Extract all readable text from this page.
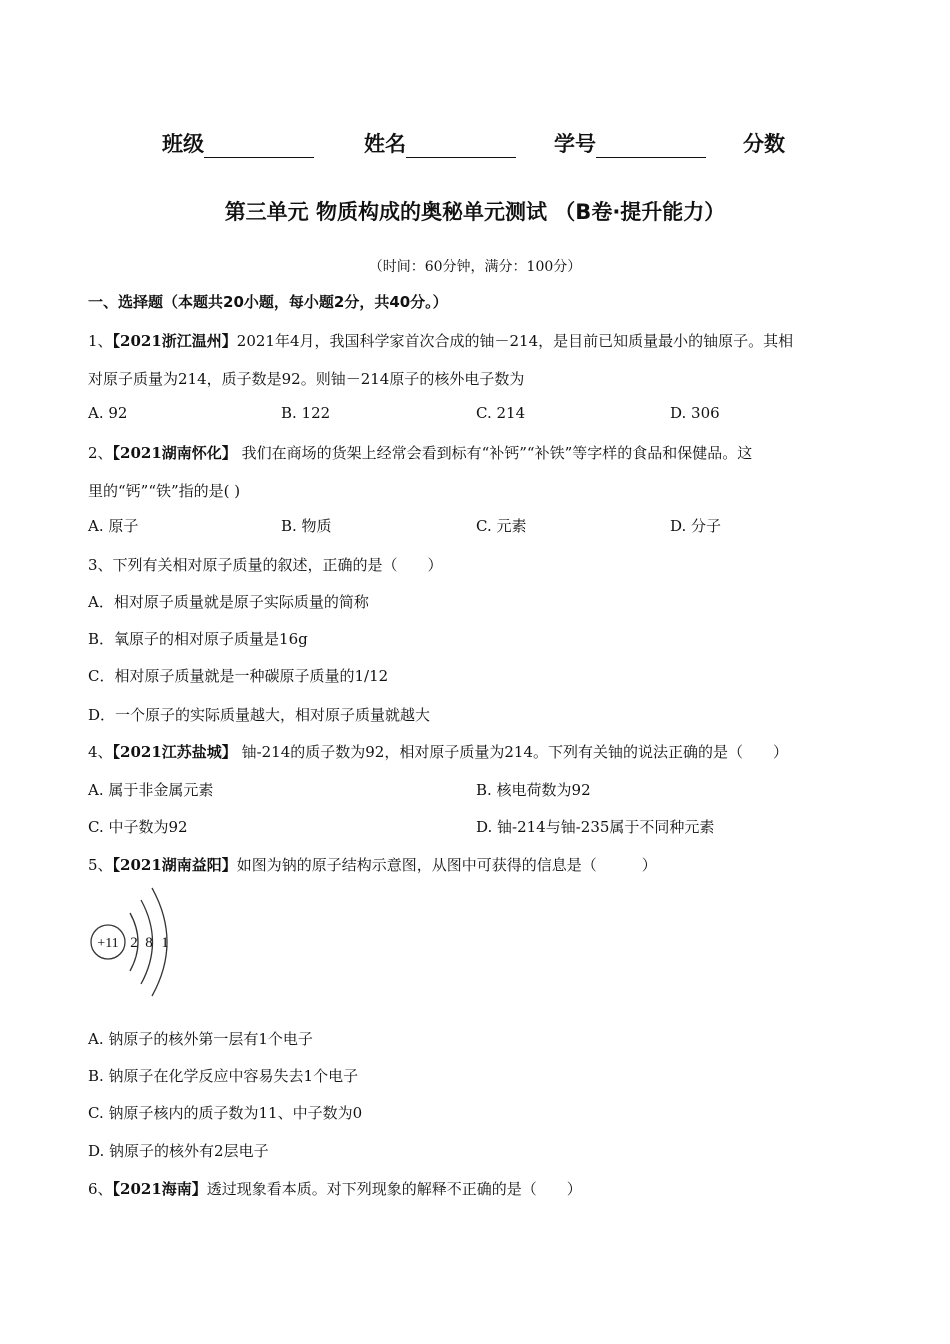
班级	姓名	学号	分数
第三单元 物质构成的奥秘单元测试 （B卷·提升能力）
（时间：60分钟，满分：100分）
一、选择题（本题共20小题，每小题2分，共40分。）
1、【2021浙江温州】2021年4月，我国科学家首次合成的铀－214，是目前已知质量最小的铀原子。其相
对原子质量为214，质子数是92。则铀－214原子的核外电子数为
A. 92	B. 122	C. 214	D. 306
2、【2021湖南怀化】 我们在商场的货架上经常会看到标有“补钙”“补铁”等字样的食品和保健品。这
里的“钙”“铁”指的是( )
A. 原子	B. 物质	C. 元素	D. 分子
3、下列有关相对原子质量的叙述，正确的是（　　）
A．相对原子质量就是原子实际质量的简称
B．氧原子的相对原子质量是16g
C．相对原子质量就是一种碳原子质量的1/12
D．一个原子的实际质量越大，相对原子质量就越大
4、【2021江苏盐城】 铀-214的质子数为92，相对原子质量为214。下列有关铀的说法正确的是（　　）
A. 属于非金属元素	B. 核电荷数为92
C. 中子数为92	D. 铀-214与铀-235属于不同种元素
5、【2021湖南益阳】如图为钠的原子结构示意图，从图中可获得的信息是（　　　）
+11 2 8 1
A. 钠原子的核外第一层有1个电子
B. 钠原子在化学反应中容易失去1个电子
C. 钠原子核内的质子数为11、中子数为0
D. 钠原子的核外有2层电子
6、【2021海南】透过现象看本质。对下列现象的解释不正确的是（　　）
